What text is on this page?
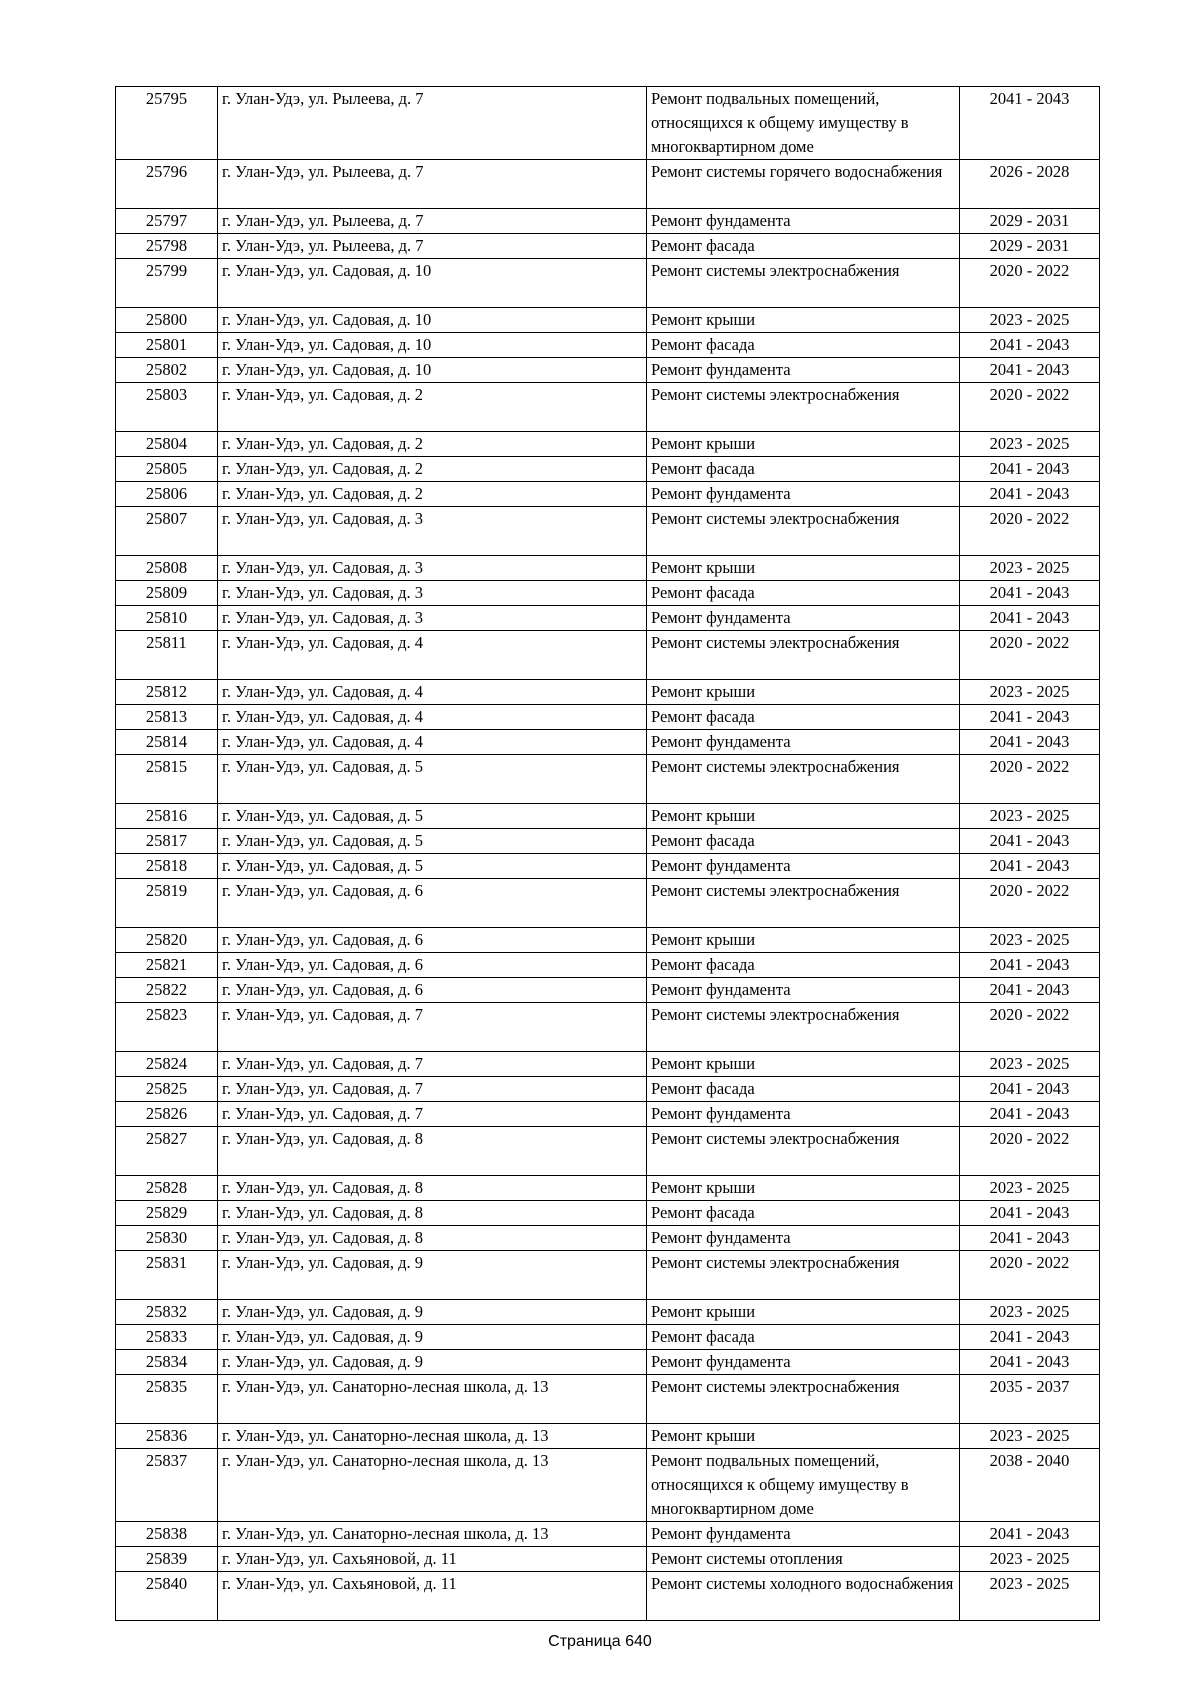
25795	г. Улан-Удэ, ул. Рылеева, д. 7	Ремонт подвальных помещений, относящихся к общему имуществу в многоквартирном доме	2041 - 2043
25796	г. Улан-Удэ, ул. Рылеева, д. 7	Ремонт системы горячего водоснабжения	2026 - 2028
25797	г. Улан-Удэ, ул. Рылеева, д. 7	Ремонт фундамента	2029 - 2031
25798	г. Улан-Удэ, ул. Рылеева, д. 7	Ремонт фасада	2029 - 2031
25799	г. Улан-Удэ, ул. Садовая, д. 10	Ремонт системы электроснабжения	2020 - 2022
25800	г. Улан-Удэ, ул. Садовая, д. 10	Ремонт крыши	2023 - 2025
25801	г. Улан-Удэ, ул. Садовая, д. 10	Ремонт фасада	2041 - 2043
25802	г. Улан-Удэ, ул. Садовая, д. 10	Ремонт фундамента	2041 - 2043
25803	г. Улан-Удэ, ул. Садовая, д. 2	Ремонт системы электроснабжения	2020 - 2022
25804	г. Улан-Удэ, ул. Садовая, д. 2	Ремонт крыши	2023 - 2025
25805	г. Улан-Удэ, ул. Садовая, д. 2	Ремонт фасада	2041 - 2043
25806	г. Улан-Удэ, ул. Садовая, д. 2	Ремонт фундамента	2041 - 2043
25807	г. Улан-Удэ, ул. Садовая, д. 3	Ремонт системы электроснабжения	2020 - 2022
25808	г. Улан-Удэ, ул. Садовая, д. 3	Ремонт крыши	2023 - 2025
25809	г. Улан-Удэ, ул. Садовая, д. 3	Ремонт фасада	2041 - 2043
25810	г. Улан-Удэ, ул. Садовая, д. 3	Ремонт фундамента	2041 - 2043
25811	г. Улан-Удэ, ул. Садовая, д. 4	Ремонт системы электроснабжения	2020 - 2022
25812	г. Улан-Удэ, ул. Садовая, д. 4	Ремонт крыши	2023 - 2025
25813	г. Улан-Удэ, ул. Садовая, д. 4	Ремонт фасада	2041 - 2043
25814	г. Улан-Удэ, ул. Садовая, д. 4	Ремонт фундамента	2041 - 2043
25815	г. Улан-Удэ, ул. Садовая, д. 5	Ремонт системы электроснабжения	2020 - 2022
25816	г. Улан-Удэ, ул. Садовая, д. 5	Ремонт крыши	2023 - 2025
25817	г. Улан-Удэ, ул. Садовая, д. 5	Ремонт фасада	2041 - 2043
25818	г. Улан-Удэ, ул. Садовая, д. 5	Ремонт фундамента	2041 - 2043
25819	г. Улан-Удэ, ул. Садовая, д. 6	Ремонт системы электроснабжения	2020 - 2022
25820	г. Улан-Удэ, ул. Садовая, д. 6	Ремонт крыши	2023 - 2025
25821	г. Улан-Удэ, ул. Садовая, д. 6	Ремонт фасада	2041 - 2043
25822	г. Улан-Удэ, ул. Садовая, д. 6	Ремонт фундамента	2041 - 2043
25823	г. Улан-Удэ, ул. Садовая, д. 7	Ремонт системы электроснабжения	2020 - 2022
25824	г. Улан-Удэ, ул. Садовая, д. 7	Ремонт крыши	2023 - 2025
25825	г. Улан-Удэ, ул. Садовая, д. 7	Ремонт фасада	2041 - 2043
25826	г. Улан-Удэ, ул. Садовая, д. 7	Ремонт фундамента	2041 - 2043
25827	г. Улан-Удэ, ул. Садовая, д. 8	Ремонт системы электроснабжения	2020 - 2022
25828	г. Улан-Удэ, ул. Садовая, д. 8	Ремонт крыши	2023 - 2025
25829	г. Улан-Удэ, ул. Садовая, д. 8	Ремонт фасада	2041 - 2043
25830	г. Улан-Удэ, ул. Садовая, д. 8	Ремонт фундамента	2041 - 2043
25831	г. Улан-Удэ, ул. Садовая, д. 9	Ремонт системы электроснабжения	2020 - 2022
25832	г. Улан-Удэ, ул. Садовая, д. 9	Ремонт крыши	2023 - 2025
25833	г. Улан-Удэ, ул. Садовая, д. 9	Ремонт фасада	2041 - 2043
25834	г. Улан-Удэ, ул. Садовая, д. 9	Ремонт фундамента	2041 - 2043
25835	г. Улан-Удэ, ул. Санаторно-лесная школа, д. 13	Ремонт системы электроснабжения	2035 - 2037
25836	г. Улан-Удэ, ул. Санаторно-лесная школа, д. 13	Ремонт крыши	2023 - 2025
25837	г. Улан-Удэ, ул. Санаторно-лесная школа, д. 13	Ремонт подвальных помещений, относящихся к общему имуществу в многоквартирном доме	2038 - 2040
25838	г. Улан-Удэ, ул. Санаторно-лесная школа, д. 13	Ремонт фундамента	2041 - 2043
25839	г. Улан-Удэ, ул. Сахьяновой, д. 11	Ремонт системы отопления	2023 - 2025
25840	г. Улан-Удэ, ул. Сахьяновой, д. 11	Ремонт системы холодного водоснабжения	2023 - 2025
Страница 640
